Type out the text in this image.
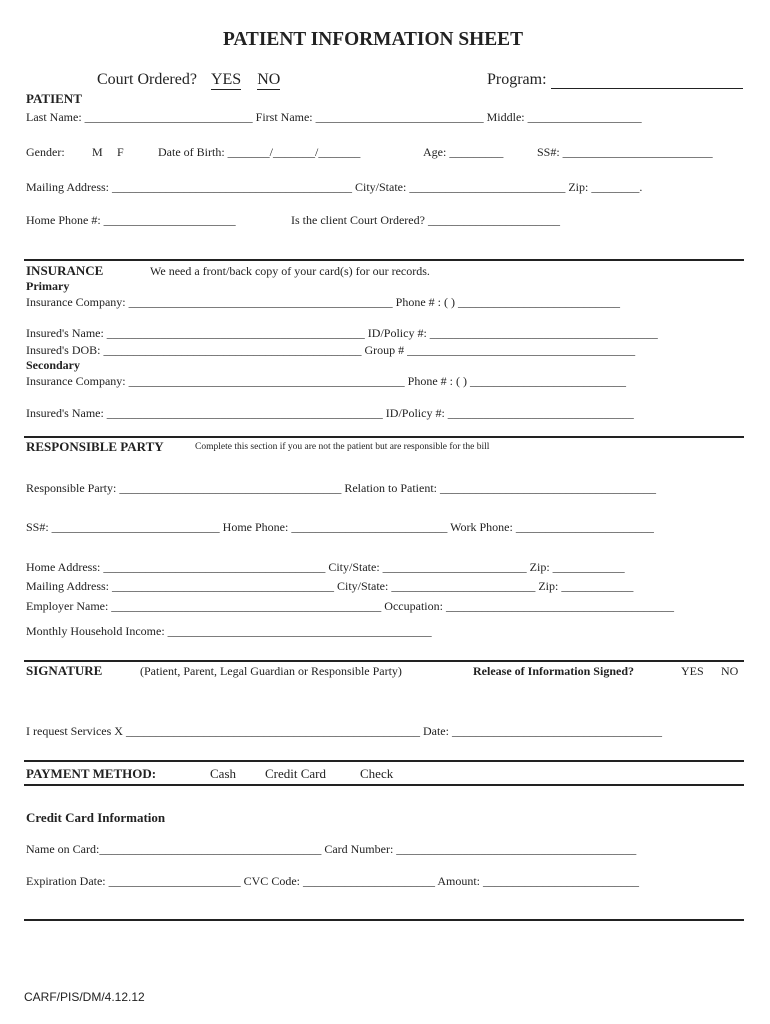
PATIENT INFORMATION SHEET
Court Ordered? YES NO	Program:
PATIENT
Last Name: ____________________________ First Name: ____________________________ Middle: ___________________
Gender: M F	Date of Birth: _______/_______/_______	Age: _________	SS#: _________________________
Mailing Address: ________________________________________ City/State: __________________________ Zip: ________.
Home Phone #: ______________________	Is the client Court Ordered? ______________________
INSURANCE	We need a front/back copy of your card(s) for our records.
Primary
Insurance Company: ____________________________________________ Phone # : ( ) ___________________________
Insured's Name: ___________________________________________ ID/Policy #: ______________________________________
Insured's DOB: ___________________________________________ Group # ______________________________________
Secondary
Insurance Company: ______________________________________________ Phone # : ( ) __________________________
Insured's Name: ______________________________________________ ID/Policy #: _______________________________
RESPONSIBLE PARTY	Complete this section if you are not the patient but are responsible for the bill
Responsible Party: _____________________________________ Relation to Patient: ____________________________________
SS#: ____________________________ Home Phone: __________________________ Work Phone: _______________________
Home Address: _____________________________________ City/State: ________________________ Zip: ____________
Mailing Address: _____________________________________ City/State: ________________________ Zip: ____________
Employer Name: _____________________________________________ Occupation: ______________________________________
Monthly Household Income: ____________________________________________
SIGNATURE	(Patient, Parent, Legal Guardian or Responsible Party)	Release of Information Signed?	YES NO
I request Services X _________________________________________________ Date: ___________________________________
PAYMENT METHOD:	Cash Credit Card	Check
Credit Card Information
Name on Card:_____________________________________ Card Number: ________________________________________
Expiration Date: ______________________ CVC Code: ______________________ Amount: __________________________
CARF/PIS/DM/4.12.12
